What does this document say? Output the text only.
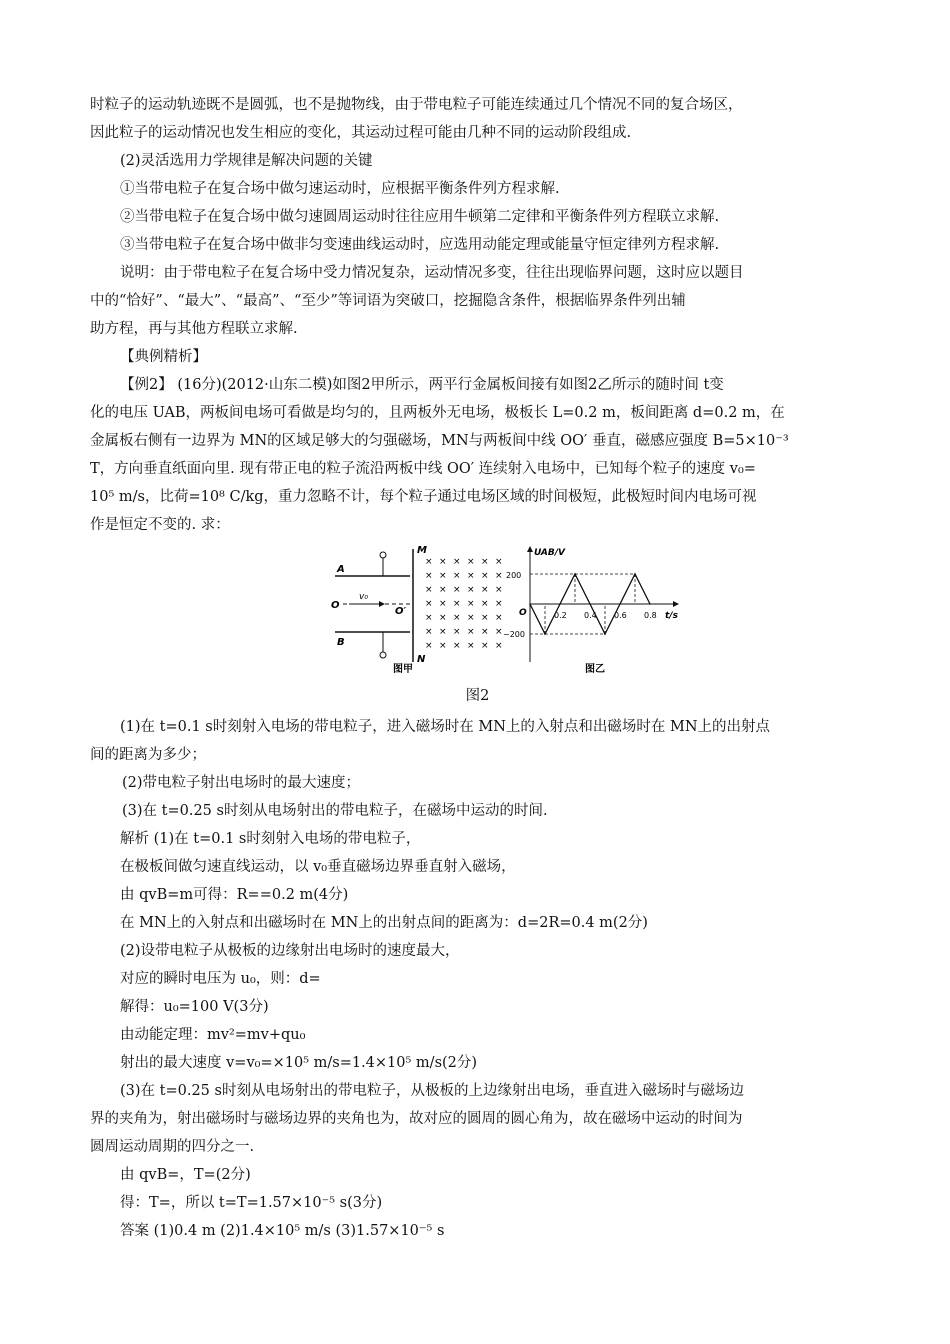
时粒子的运动轨迹既不是圆弧，也不是抛物线，由于带电粒子可能连续通过几个情况不同的复合场区，
因此粒子的运动情况也发生相应的变化，其运动过程可能由几种不同的运动阶段组成.
(2)灵活选用力学规律是解决问题的关键
①当带电粒子在复合场中做匀速运动时，应根据平衡条件列方程求解.
②当带电粒子在复合场中做匀速圆周运动时往往应用牛顿第二定律和平衡条件列方程联立求解.
③当带电粒子在复合场中做非匀变速曲线运动时，应选用动能定理或能量守恒定律列方程求解.
说明：由于带电粒子在复合场中受力情况复杂，运动情况多变，往往出现临界问题，这时应以题目
中的“恰好”、“最大”、“最高”、“至少”等词语为突破口，挖掘隐含条件，根据临界条件列出辅
助方程，再与其他方程联立求解.
【典例精析】
【例2】 (16分)(2012·山东二模)如图2甲所示，两平行金属板间接有如图2乙所示的随时间 t变
化的电压 UAB，两板间电场可看做是均匀的，且两板外无电场，极板长 L=0.2 m，板间距离 d=0.2 m，在
金属板右侧有一边界为 MN的区域足够大的匀强磁场，MN与两板间中线 OO′ 垂直，磁感应强度 B=5×10⁻³
T，方向垂直纸面向里. 现有带正电的粒子流沿两板中线 OO′ 连续射入电场中，已知每个粒子的速度 v₀=
10⁵ m/s，比荷=10⁸ C/kg，重力忽略不计，每个粒子通过电场区域的时间极短，此极短时间内电场可视
作是恒定不变的. 求：
A
B
O
O′
v₀
M
N
× × × × × ×
× × × × × ×
× × × × × ×
× × × × × ×
× × × × × ×
× × × × × ×
× × × × × ×
图甲
UAB/V
t/s
O
200
−200
0.2 0.4 0.6 0.8
图乙
图2
(1)在 t=0.1 s时刻射入电场的带电粒子，进入磁场时在 MN上的入射点和出磁场时在 MN上的出射点
间的距离为多少；
(2)带电粒子射出电场时的最大速度；
(3)在 t=0.25 s时刻从电场射出的带电粒子，在磁场中运动的时间.
解析 (1)在 t=0.1 s时刻射入电场的带电粒子，
在极板间做匀速直线运动，以 v₀垂直磁场边界垂直射入磁场，
由 qvB=m可得：R==0.2 m(4分)
在 MN上的入射点和出磁场时在 MN上的出射点间的距离为：d=2R=0.4 m(2分)
(2)设带电粒子从极板的边缘射出电场时的速度最大，
对应的瞬时电压为 u₀，则：d=
解得：u₀=100 V(3分)
由动能定理：mv²=mv+qu₀
射出的最大速度 v=v₀=×10⁵ m/s=1.4×10⁵ m/s(2分)
(3)在 t=0.25 s时刻从电场射出的带电粒子，从极板的上边缘射出电场，垂直进入磁场时与磁场边
界的夹角为，射出磁场时与磁场边界的夹角也为，故对应的圆周的圆心角为，故在磁场中运动的时间为
圆周运动周期的四分之一.
由 qvB=，T=(2分)
得：T=，所以 t=T=1.57×10⁻⁵ s(3分)
答案 (1)0.4 m (2)1.4×10⁵ m/s (3)1.57×10⁻⁵ s
